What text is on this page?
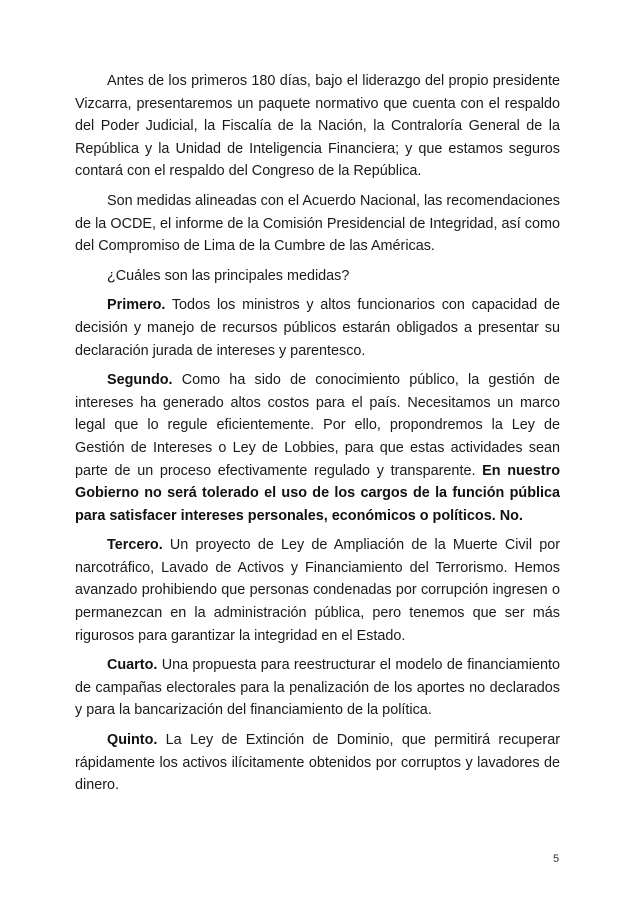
Antes de los primeros 180 días, bajo el liderazgo del propio presidente Vizcarra, presentaremos un paquete normativo que cuenta con el respaldo del Poder Judicial, la Fiscalía de la Nación, la Contraloría General de la República y la Unidad de Inteligencia Financiera; y que estamos seguros contará con el respaldo del Congreso de la República.

Son medidas alineadas con el Acuerdo Nacional, las recomendaciones de la OCDE, el informe de la Comisión Presidencial de Integridad, así como del Compromiso de Lima de la Cumbre de las Américas.

¿Cuáles son las principales medidas?

Primero. Todos los ministros y altos funcionarios con capacidad de decisión y manejo de recursos públicos estarán obligados a presentar su declaración jurada de intereses y parentesco.

Segundo. Como ha sido de conocimiento público, la gestión de intereses ha generado altos costos para el país. Necesitamos un marco legal que lo regule eficientemente. Por ello, propondremos la Ley de Gestión de Intereses o Ley de Lobbies, para que estas actividades sean parte de un proceso efectivamente regulado y transparente. En nuestro Gobierno no será tolerado el uso de los cargos de la función pública para satisfacer intereses personales, económicos o políticos. No.

Tercero. Un proyecto de Ley de Ampliación de la Muerte Civil por narcotráfico, Lavado de Activos y Financiamiento del Terrorismo. Hemos avanzado prohibiendo que personas condenadas por corrupción ingresen o permanezcan en la administración pública, pero tenemos que ser más rigurosos para garantizar la integridad en el Estado.

Cuarto. Una propuesta para reestructurar el modelo de financiamiento de campañas electorales para la penalización de los aportes no declarados y para la bancarización del financiamiento de la política.

Quinto. La Ley de Extinción de Dominio, que permitirá recuperar rápidamente los activos ilícitamente obtenidos por corruptos y lavadores de dinero.

5
